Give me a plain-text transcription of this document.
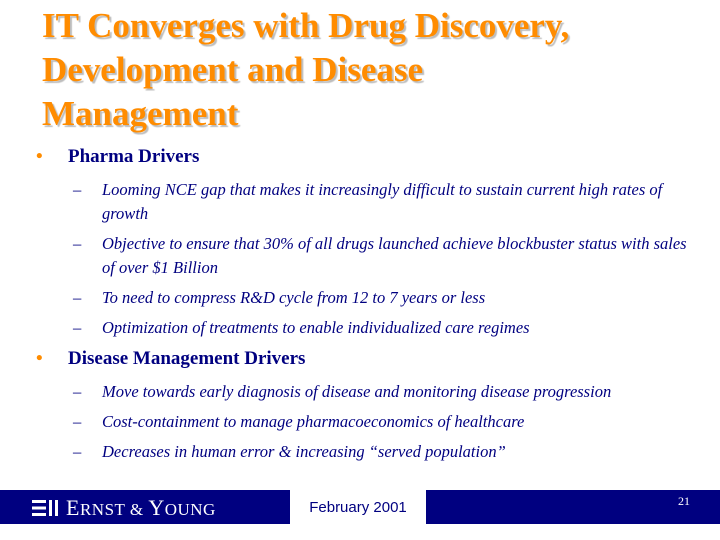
IT Converges with Drug Discovery,
Development and Disease
Management
• Pharma Drivers
– Looming NCE gap that makes it increasingly difficult to sustain current high rates of growth
– Objective to ensure that 30% of all drugs launched achieve blockbuster status with sales of over $1 Billion
– To need to compress R&D cycle from 12 to 7 years or less
– Optimization of treatments to enable individualized care regimes
• Disease Management Drivers
– Move towards early diagnosis of disease and monitoring disease progression
– Cost-containment to manage pharmacoeconomics of healthcare
– Decreases in human error & increasing “served population”
ERNST & YOUNG	February 2001	21
